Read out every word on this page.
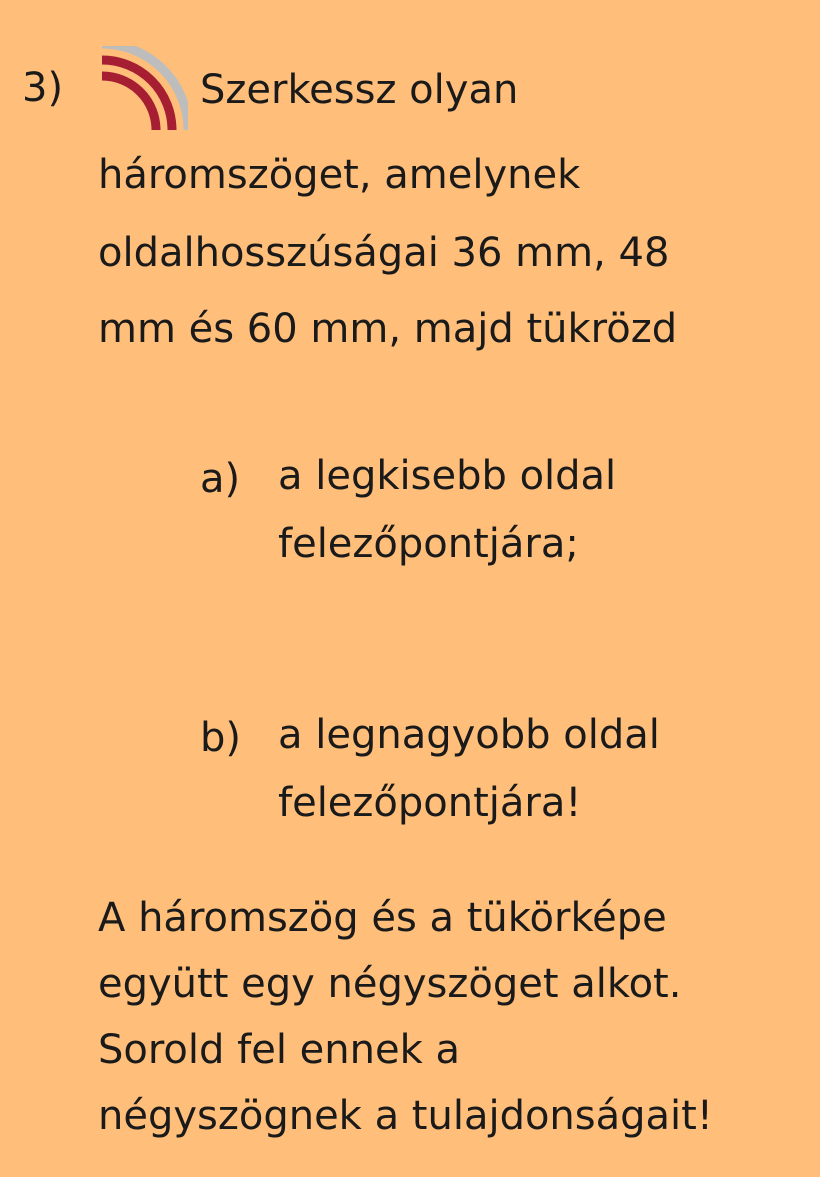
3)	Szerkessz olyan
háromszöget, amelynek
oldalhosszúságai 36 mm, 48
mm és 60 mm, majd tükrözd
a) a legkisebb oldal
felezőpontjára;
b) a legnagyobb oldal
felezőpontjára!
A háromszög és a tükörképe
együtt egy négyszöget alkot.
Sorold fel ennek a
négyszögnek a tulajdonságait!
